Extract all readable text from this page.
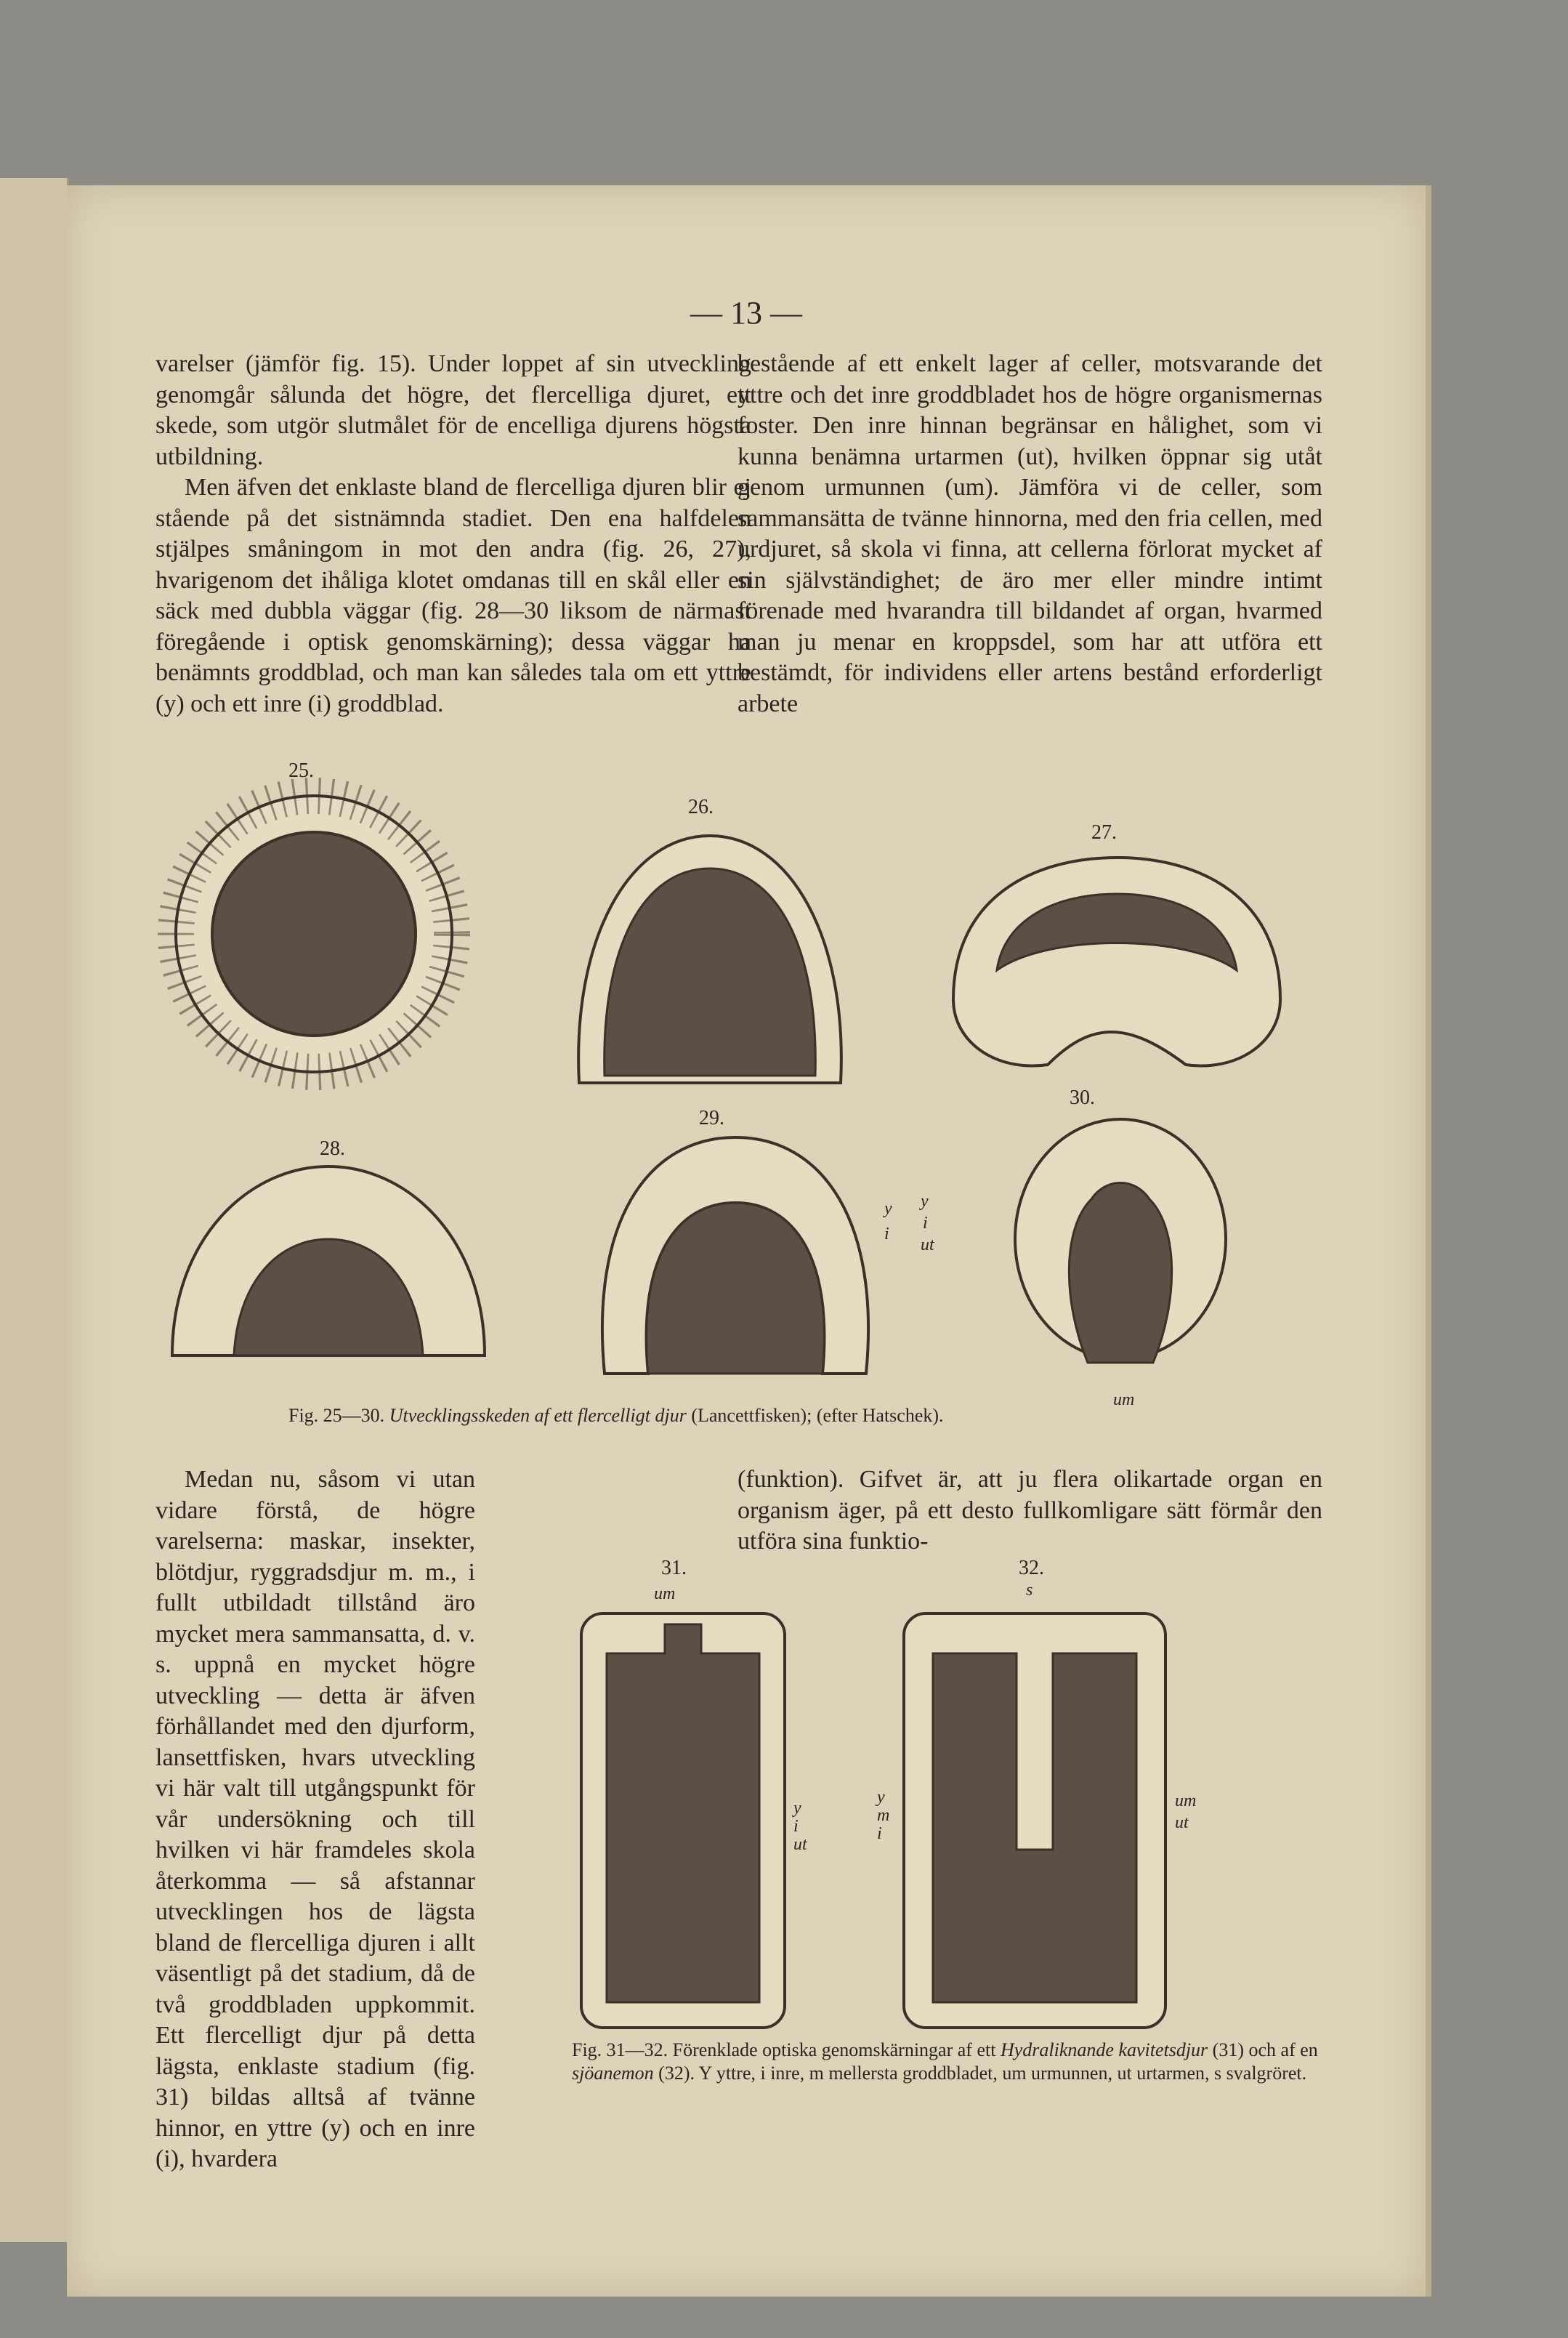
— 13 —

varelser (jämför fig. 15). Under loppet af sin utveckling genomgår sålunda det högre, det flercelliga djuret, ett skede, som utgör slutmålet för de encelliga djurens högsta utbildning.

Men äfven det enklaste bland de flercelliga djuren blir ej stående på det sistnämnda stadiet. Den ena halfdelen stjälpes småningom in mot den andra (fig. 26, 27), hvarigenom det ihåliga klotet omdanas till en skål eller en säck med dubbla väggar (fig. 28—30 liksom de närmast föregående i optisk genomskärning); dessa väggar ha benämnts groddblad, och man kan således tala om ett yttre (y) och ett inre (i) groddblad.

bestående af ett enkelt lager af celler, motsvarande det yttre och det inre groddbladet hos de högre organismernas foster. Den inre hinnan begränsar en hålighet, som vi kunna benämna urtarmen (ut), hvilken öppnar sig utåt genom urmunnen (um). Jämföra vi de celler, som sammansätta de tvänne hinnorna, med den fria cellen, med urdjuret, så skola vi finna, att cellerna förlorat mycket af sin självständighet; de äro mer eller mindre intimt förenade med hvarandra till bildandet af organ, hvarmed man ju menar en kroppsdel, som har att utföra ett bestämdt, för individens eller artens bestånd erforderligt arbete

25.
26.
27.
28.
29.
30.
y
i
y
i
ut
um
Fig. 25—30. Utvecklingsskeden af ett flercelligt djur (Lancettfisken); (efter Hatschek).

Medan nu, såsom vi utan vidare förstå, de högre varelserna: maskar, insekter, blötdjur, ryggradsdjur m. m., i fullt utbildadt tillstånd äro mycket mera sammansatta, d. v. s. uppnå en mycket högre utveckling — detta är äfven förhållandet med den djurform, lansettfisken, hvars utveckling vi här valt till utgångspunkt för vår undersökning och till hvilken vi här framdeles skola återkomma — så afstannar utvecklingen hos de lägsta bland de flercelliga djuren i allt väsentligt på det stadium, då de två groddbladen uppkommit. Ett flercelligt djur på detta lägsta, enklaste stadium (fig. 31) bildas alltså af tvänne hinnor, en yttre (y) och en inre (i), hvardera

(funktion). Gifvet är, att ju flera olikartade organ en organism äger, på ett desto fullkomligare sätt förmår den utföra sina funktio-

31.	32.
um
y
i
ut
s
um
ut
y
m
i
Fig. 31—32. Förenklade optiska genomskärningar af ett Hydraliknande kavitetsdjur (31) och af en sjöanemon (32). Y yttre, i inre, m mellersta groddbladet, um urmunnen, ut urtarmen, s svalgröret.
